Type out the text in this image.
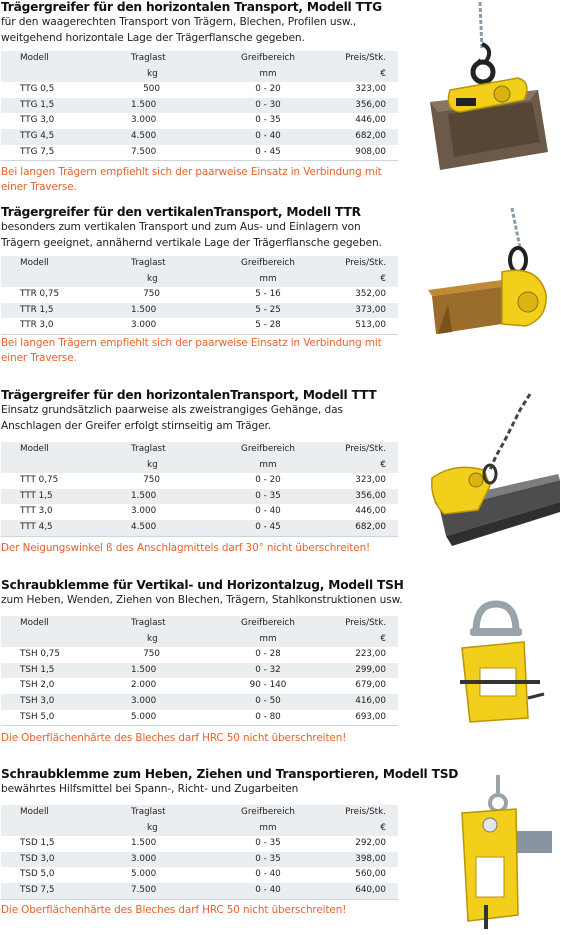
Trägergreifer für den horizontalen Transport, Modell TTG
für den waagerechten Transport von Trägern, Blechen, Profilen usw., weitgehend horizontale Lage der Trägerflansche gegeben.
Modell	Traglast	Greifbereich	Preis/Stk.
kg	mm	€
TTG 0,5	500	0 - 20	323,00
TTG 1,5	1.500	0 - 30	356,00
TTG 3,0	3.000	0 - 35	446,00
TTG 4,5	4.500	0 - 40	682,00
TTG 7,5	7.500	0 - 45	908,00
Bei langen Trägern empfiehlt sich der paarweise Einsatz in Verbindung mit einer Traverse.
Trägergreifer für den vertikalenTransport, Modell TTR
besonders zum vertikalen Transport und zum Aus- und Einlagern von Trägern geeignet, annähernd vertikale Lage der Trägerflansche gegeben.
Modell	Traglast	Greifbereich	Preis/Stk.
kg	mm	€
TTR 0,75	750	5 - 16	352,00
TTR 1,5	1.500	5 - 25	373,00
TTR 3,0	3.000	5 - 28	513,00
Bei langen Trägern empfiehlt sich der paarweise Einsatz in Verbindung mit einer Traverse.
Trägergreifer für den horizontalenTransport, Modell TTT
Einsatz grundsätzlich paarweise als zweistrangiges Gehänge, das Anschlagen der Greifer erfolgt stirnseitig am Träger.
Modell	Traglast	Greifbereich	Preis/Stk.
kg	mm	€
TTT 0,75	750	0 - 20	323,00
TTT 1,5	1.500	0 - 35	356,00
TTT 3,0	3.000	0 - 40	446,00
TTT 4,5	4.500	0 - 45	682,00
Der Neigungswinkel ß des Anschlagmittels darf 30° nicht überschreiten!
Schraubklemme für Vertikal- und Horizontalzug, Modell TSH
zum Heben, Wenden, Ziehen von Blechen, Trägern, Stahlkonstruktionen usw.
Modell	Traglast	Greifbereich	Preis/Stk.
kg	mm	€
TSH 0,75	750	0 - 28	223,00
TSH 1,5	1.500	0 - 32	299,00
TSH 2,0	2.000	90 - 140	679,00
TSH 3,0	3.000	0 - 50	416,00
TSH 5,0	5.000	0 - 80	693,00
Die Oberflächenhärte des Bleches darf HRC 50 nicht überschreiten!
Schraubklemme zum Heben, Ziehen und Transportieren, Modell TSD
bewährtes Hilfsmittel bei Spann-, Richt- und Zugarbeiten
Modell	Traglast	Greifbereich	Preis/Stk.
kg	mm	€
TSD 1,5	1.500	0 - 35	292,00
TSD 3,0	3.000	0 - 35	398,00
TSD 5,0	5.000	0 - 40	560,00
TSD 7,5	7.500	0 - 40	640,00
Die Oberflächenhärte des Bleches darf HRC 50 nicht überschreiten!
